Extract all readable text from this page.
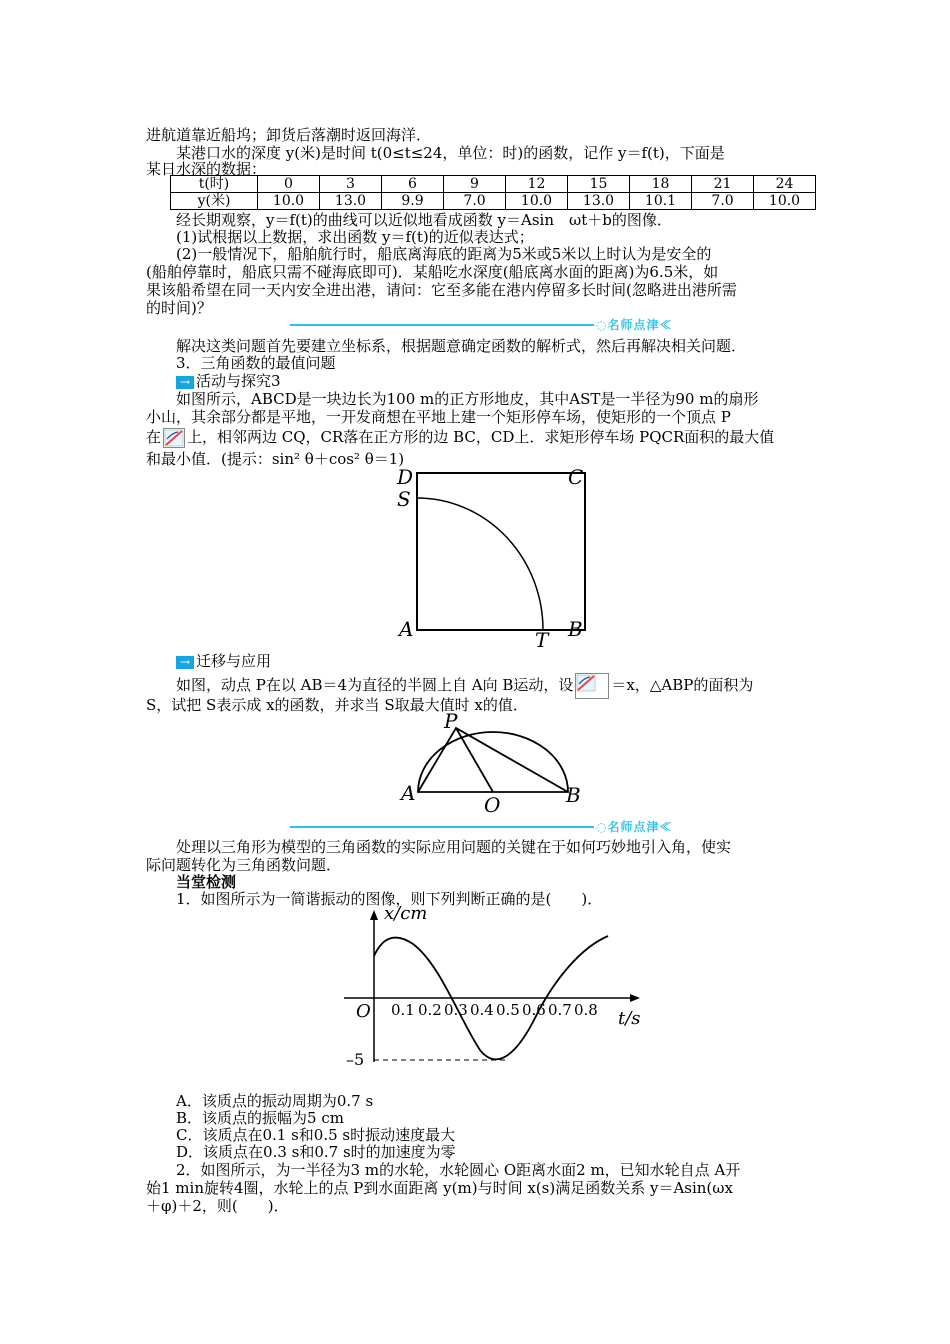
进航道靠近船坞；卸货后落潮时返回海洋．
某港口水的深度 y(米)是时间 t(0≤t≤24，单位：时)的函数，记作 y＝f(t)，下面是
某日水深的数据：
t(时)	0	3	6	9	12	15	18	21	24
y(米)	10.0	13.0	9.9	7.0	10.0	13.0	10.1	7.0	10.0
经长期观察，y＝f(t)的曲线可以近似地看成函数 y＝Asin　ωt＋b的图像．
(1)试根据以上数据，求出函数 y＝f(t)的近似表达式；
(2)一般情况下，船舶航行时，船底离海底的距离为5米或5米以上时认为是安全的
(船舶停靠时，船底只需不碰海底即可)．某船吃水深度(船底离水面的距离)为6.5米，如
果该船希望在同一天内安全进出港，请问：它至多能在港内停留多长时间(忽略进出港所需
的时间)？
◌名师点津≪
解决这类问题首先要建立坐标系，根据题意确定函数的解析式，然后再解决相关问题．
3．三角函数的最值问题
→ 活动与探究3
如图所示，ABCD是一块边长为100 m的正方形地皮，其中AST是一半径为90 m的扇形
小山，其余部分都是平地，一开发商想在平地上建一个矩形停车场，使矩形的一个顶点 P
在 上，相邻两边 CQ，CR落在正方形的边 BC，CD上．求矩形停车场 PQCR面积的最大值
和最小值．(提示：sin² θ＋cos² θ＝1)
D	C
S
A	T B
→ 迁移与应用
如图，动点 P在以 AB＝4为直径的半圆上自 A向 B运动，设	＝x，△ABP的面积为
S，试把 S表示成 x的函数，并求当 S取最大值时 x的值．
P
A	O	B
◌名师点津≪
处理以三角形为模型的三角函数的实际应用问题的关键在于如何巧妙地引入角，使实
际问题转化为三角函数问题．
当堂检测
1．如图所示为一简谐振动的图像，则下列判断正确的是(　　)．
x/cm
t/s
O
–5
0.1 0.2 0.3 0.4 0.5 0.6 0.7 0.8
A．该质点的振动周期为0.7 s
B．该质点的振幅为5 cm
C．该质点在0.1 s和0.5 s时振动速度最大
D．该质点在0.3 s和0.7 s时的加速度为零
2．如图所示，为一半径为3 m的水轮，水轮圆心 O距离水面2 m，已知水轮自点 A开
始1 min旋转4圈，水轮上的点 P到水面距离 y(m)与时间 x(s)满足函数关系 y＝Asin(ωx
＋φ)＋2，则(　　)．
